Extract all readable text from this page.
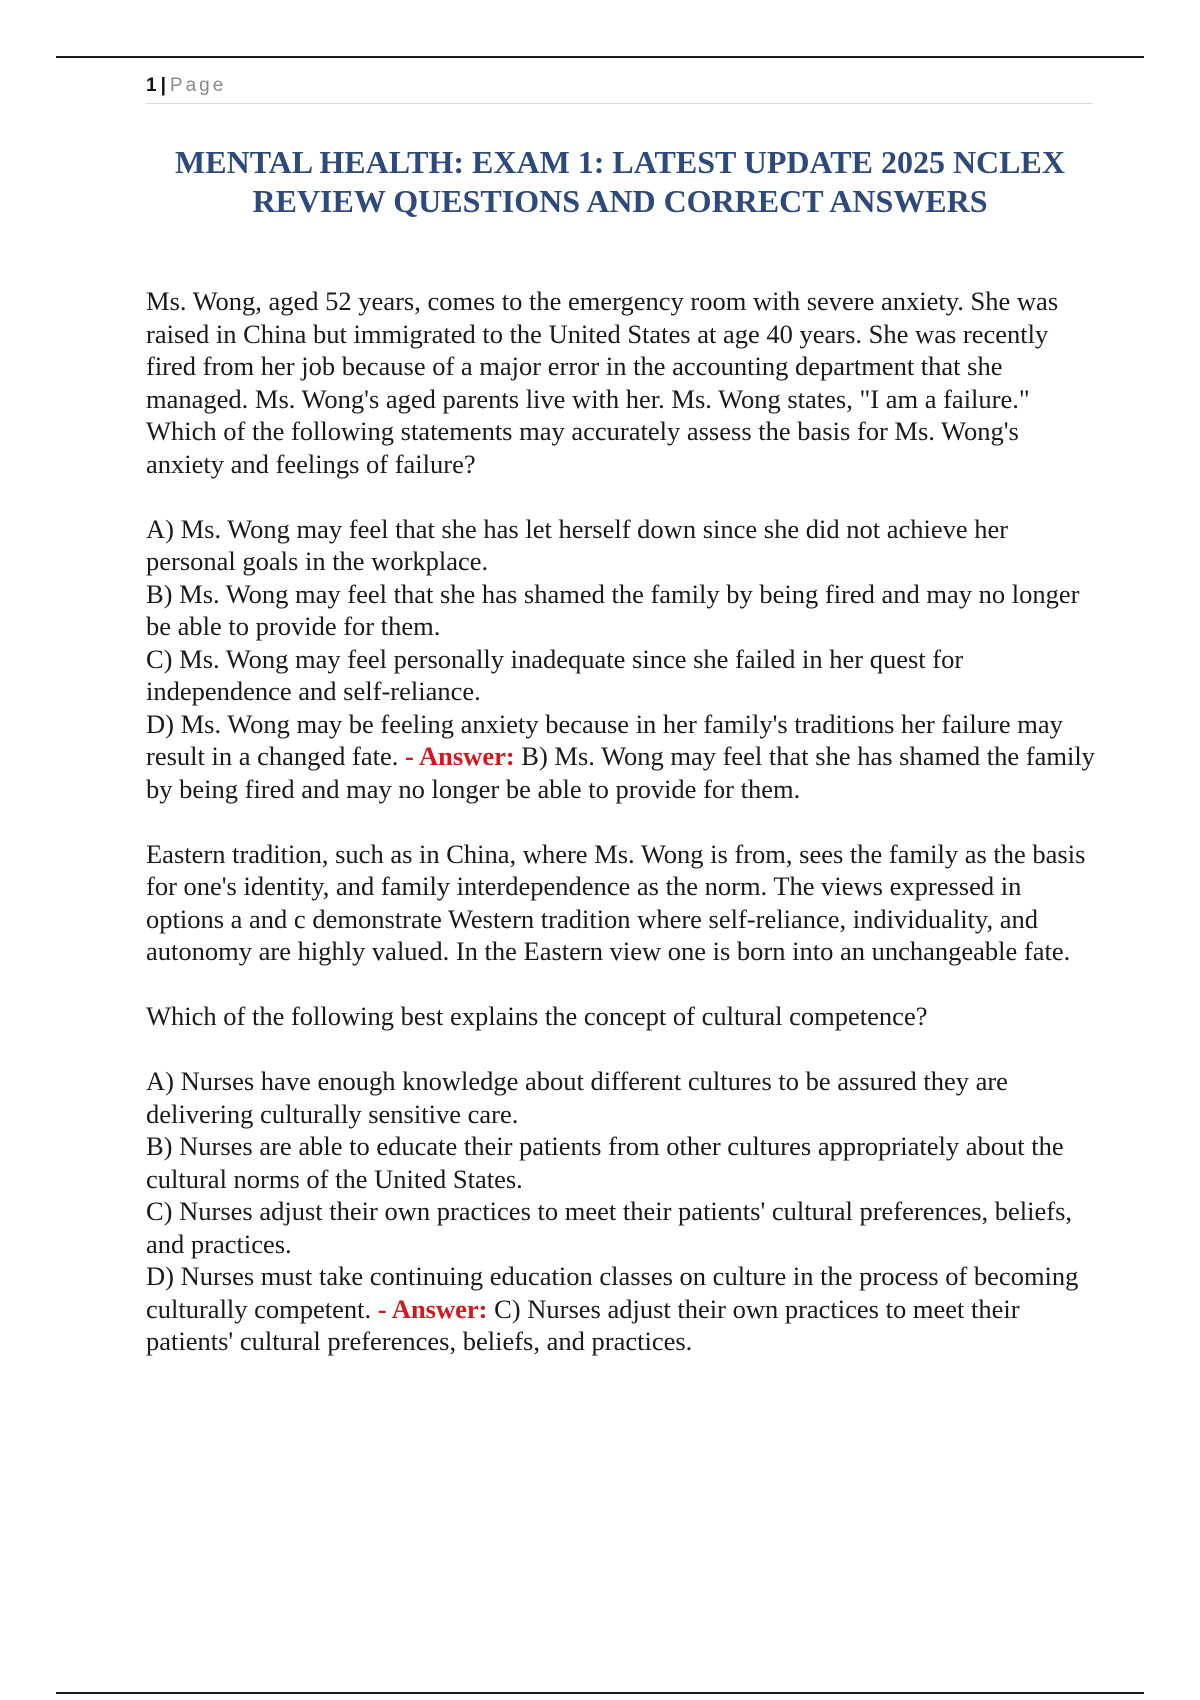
1 | Page
MENTAL HEALTH: EXAM 1: LATEST UPDATE 2025 NCLEX
REVIEW QUESTIONS AND CORRECT ANSWERS

Ms. Wong, aged 52 years, comes to the emergency room with severe anxiety. She was raised in China but immigrated to the United States at age 40 years. She was recently fired from her job because of a major error in the accounting department that she managed. Ms. Wong's aged parents live with her. Ms. Wong states, "I am a failure." Which of the following statements may accurately assess the basis for Ms. Wong's anxiety and feelings of failure?

A) Ms. Wong may feel that she has let herself down since she did not achieve her personal goals in the workplace.

B) Ms. Wong may feel that she has shamed the family by being fired and may no longer be able to provide for them.

C) Ms. Wong may feel personally inadequate since she failed in her quest for independence and self-reliance.

D) Ms. Wong may be feeling anxiety because in her family's traditions her failure may result in a changed fate. - Answer: B) Ms. Wong may feel that she has shamed the family by being fired and may no longer be able to provide for them.

Eastern tradition, such as in China, where Ms. Wong is from, sees the family as the basis for one's identity, and family interdependence as the norm. The views expressed in options a and c demonstrate Western tradition where self-reliance, individuality, and autonomy are highly valued. In the Eastern view one is born into an unchangeable fate.

Which of the following best explains the concept of cultural competence?

A) Nurses have enough knowledge about different cultures to be assured they are delivering culturally sensitive care.

B) Nurses are able to educate their patients from other cultures appropriately about the cultural norms of the United States.

C) Nurses adjust their own practices to meet their patients' cultural preferences, beliefs, and practices.

D) Nurses must take continuing education classes on culture in the process of becoming culturally competent. - Answer: C) Nurses adjust their own practices to meet their patients' cultural preferences, beliefs, and practices.
